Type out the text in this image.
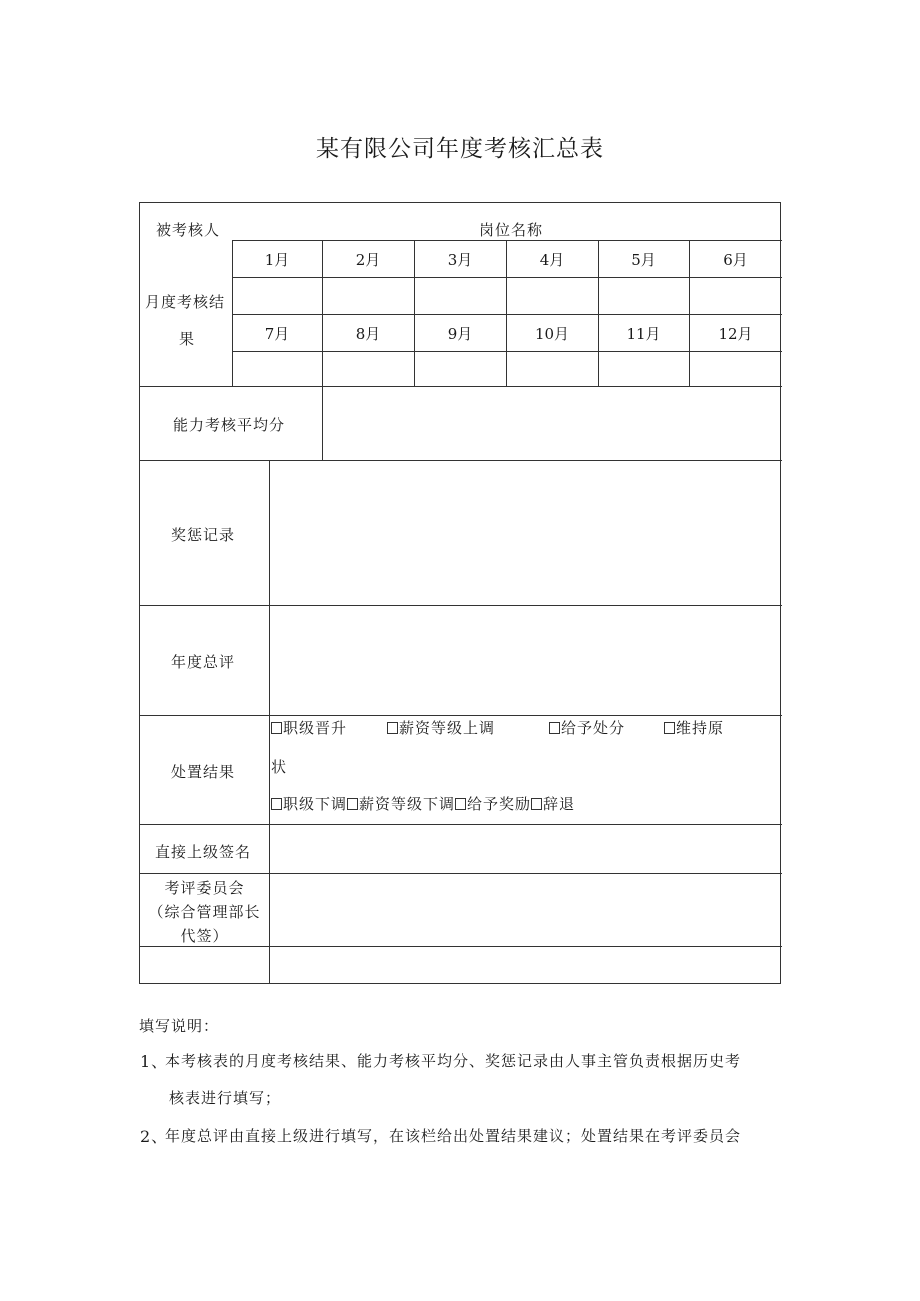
某有限公司年度考核汇总表
被考核人	岗位名称
月度考核结
果
1月	2月	3月	4月	5月	6月
7月	8月	9月	10月	11月	12月
能力考核平均分
奖惩记录
年度总评
处置结果
职级晋升	薪资等级上调	给予处分	维持原
状
职级下调 薪资等级下调 给予奖励 辞退
直接上级签名
考评委员会
（综合管理部长
代签）
填写说明：
1、
本考核表的月度考核结果、能力考核平均分、奖惩记录由人事主管负责根据历史考
核表进行填写；
2、
年度总评由直接上级进行填写，在该栏给出处置结果建议；处置结果在考评委员会
